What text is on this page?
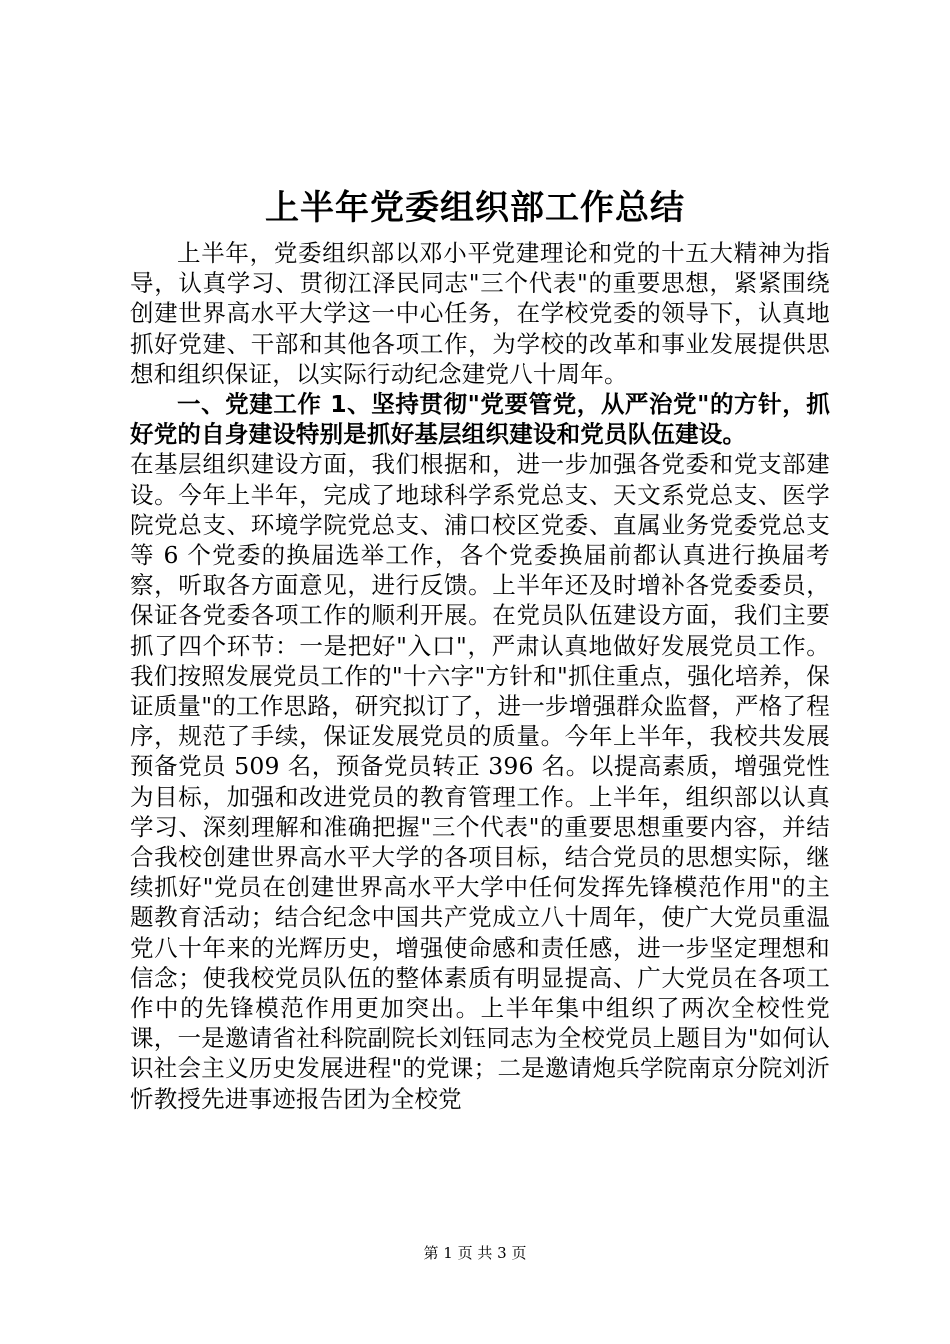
上半年党委组织部工作总结

上半年，党委组织部以邓小平党建理论和党的十五大精神为指导，认真学习、贯彻江泽民同志"三个代表"的重要思想，紧紧围绕创建世界高水平大学这一中心任务，在学校党委的领导下，认真地抓好党建、干部和其他各项工作，为学校的改革和事业发展提供思想和组织保证，以实际行动纪念建党八十周年。

一、党建工作 1、坚持贯彻"党要管党，从严治党"的方针，抓好党的自身建设特别是抓好基层组织建设和党员队伍建设。

在基层组织建设方面，我们根据和，进一步加强各党委和党支部建设。今年上半年，完成了地球科学系党总支、天文系党总支、医学院党总支、环境学院党总支、浦口校区党委、直属业务党委党总支等 6 个党委的换届选举工作，各个党委换届前都认真进行换届考察，听取各方面意见，进行反馈。上半年还及时增补各党委委员，保证各党委各项工作的顺利开展。在党员队伍建设方面，我们主要抓了四个环节：一是把好"入口"，严肃认真地做好发展党员工作。我们按照发展党员工作的"十六字"方针和"抓住重点，强化培养，保证质量"的工作思路，研究拟订了，进一步增强群众监督，严格了程序，规范了手续，保证发展党员的质量。今年上半年，我校共发展预备党员 509 名，预备党员转正 396 名。以提高素质，增强党性为目标，加强和改进党员的教育管理工作。上半年，组织部以认真学习、深刻理解和准确把握"三个代表"的重要思想重要内容，并结合我校创建世界高水平大学的各项目标，结合党员的思想实际，继续抓好"党员在创建世界高水平大学中任何发挥先锋模范作用"的主题教育活动；结合纪念中国共产党成立八十周年，使广大党员重温党八十年来的光辉历史，增强使命感和责任感，进一步坚定理想和信念；使我校党员队伍的整体素质有明显提高、广大党员在各项工作中的先锋模范作用更加突出。上半年集中组织了两次全校性党课，一是邀请省社科院副院长刘钰同志为全校党员上题目为"如何认识社会主义历史发展进程"的党课；二是邀请炮兵学院南京分院刘沂忻教授先进事迹报告团为全校党

第 1 页 共 3 页
